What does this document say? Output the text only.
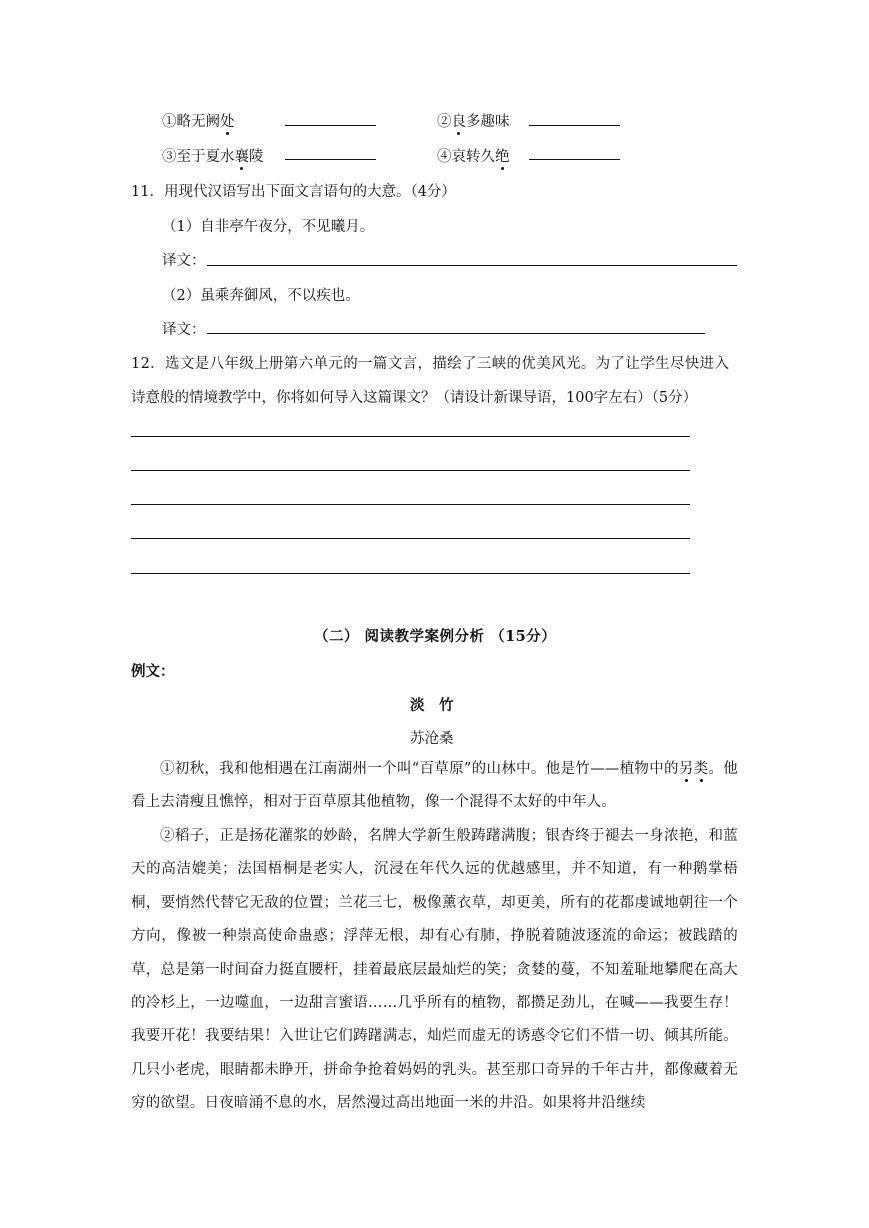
①略无阙处	②良多趣味
③至于夏水襄陵	④哀转久绝
11．用现代汉语写出下面文言语句的大意。（4分）
（1）自非亭午夜分，不见曦月。
译文：
（2）虽乘奔御风，不以疾也。
译文：
12．选文是八年级上册第六单元的一篇文言，描绘了三峡的优美风光。为了让学生尽快进入
诗意般的情境教学中，你将如何导入这篇课文？（请设计新课导语，100字左右）（5分）
（二） 阅读教学案例分析 （15分）
例文：
淡　竹
苏沧桑
①初秋，我和他相遇在江南湖州一个叫“百草原”的山林中。他是竹——植物中的另类。他看上去清瘦且憔悴，相对于百草原其他植物，像一个混得不太好的中年人。
②稻子，正是扬花灌浆的妙龄，名牌大学新生般踌躇满腹；银杏终于褪去一身浓艳，和蓝天的高洁媲美；法国梧桐是老实人，沉浸在年代久远的优越感里，并不知道，有一种鹅掌梧桐，要悄然代替它无敌的位置；兰花三七，极像薰衣草，却更美，所有的花都虔诚地朝往一个方向，像被一种崇高使命蛊惑；浮萍无根，却有心有肺，挣脱着随波逐流的命运；被践踏的草，总是第一时间奋力挺直腰杆，挂着最底层最灿烂的笑；贪婪的蔓，不知羞耻地攀爬在高大的冷杉上，一边噬血，一边甜言蜜语……几乎所有的植物，都攒足劲儿，在喊——我要生存！我要开花！我要结果！入世让它们踌躇满志，灿烂而虚无的诱惑令它们不惜一切、倾其所能。几只小老虎，眼睛都未睁开，拼命争抢着妈妈的乳头。甚至那口奇异的千年古井，都像藏着无穷的欲望。日夜暗涌不息的水，居然漫过高出地面一米的井沿。如果将井沿继续
